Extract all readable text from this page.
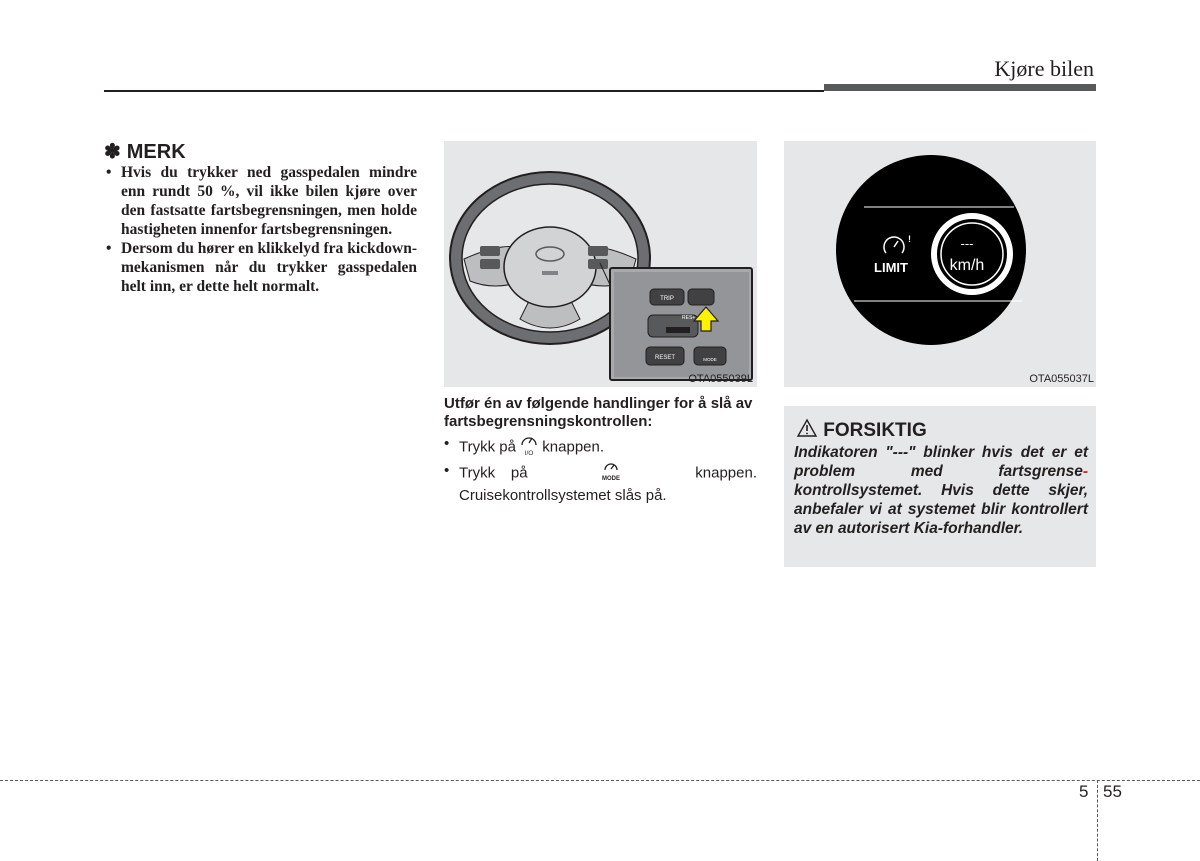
Kjøre bilen
✽ MERK
• Hvis du trykker ned gasspedalen mindre enn rundt 50 %, vil ikke bilen kjøre over den fastsatte fartsbegrensningen, men holde hastigheten innenfor fartsbegrensningen.
• Dersom du hører en klikkelyd fra kickdown-mekanismen når du trykker gasspedalen helt inn, er dette helt normalt.
TRIP
RES+
RESET	MODE
OTA055039L
---
km/h
!
LIMIT
OTA055037L
Utfør én av følgende handlinger for å slå av fartsbegrensningskontrollen:
• Trykk på I/O knappen.
• Trykk på	MODE	knappen. Cruisekontrollsystemet slås på.
FORSIKTIG
Indikatoren "---" blinker hvis det er et problem med fartsgrense- kontrollsystemet. Hvis dette skjer, anbefaler vi at systemet blir kontrollert av en autorisert Kia-forhandler.
5 55
